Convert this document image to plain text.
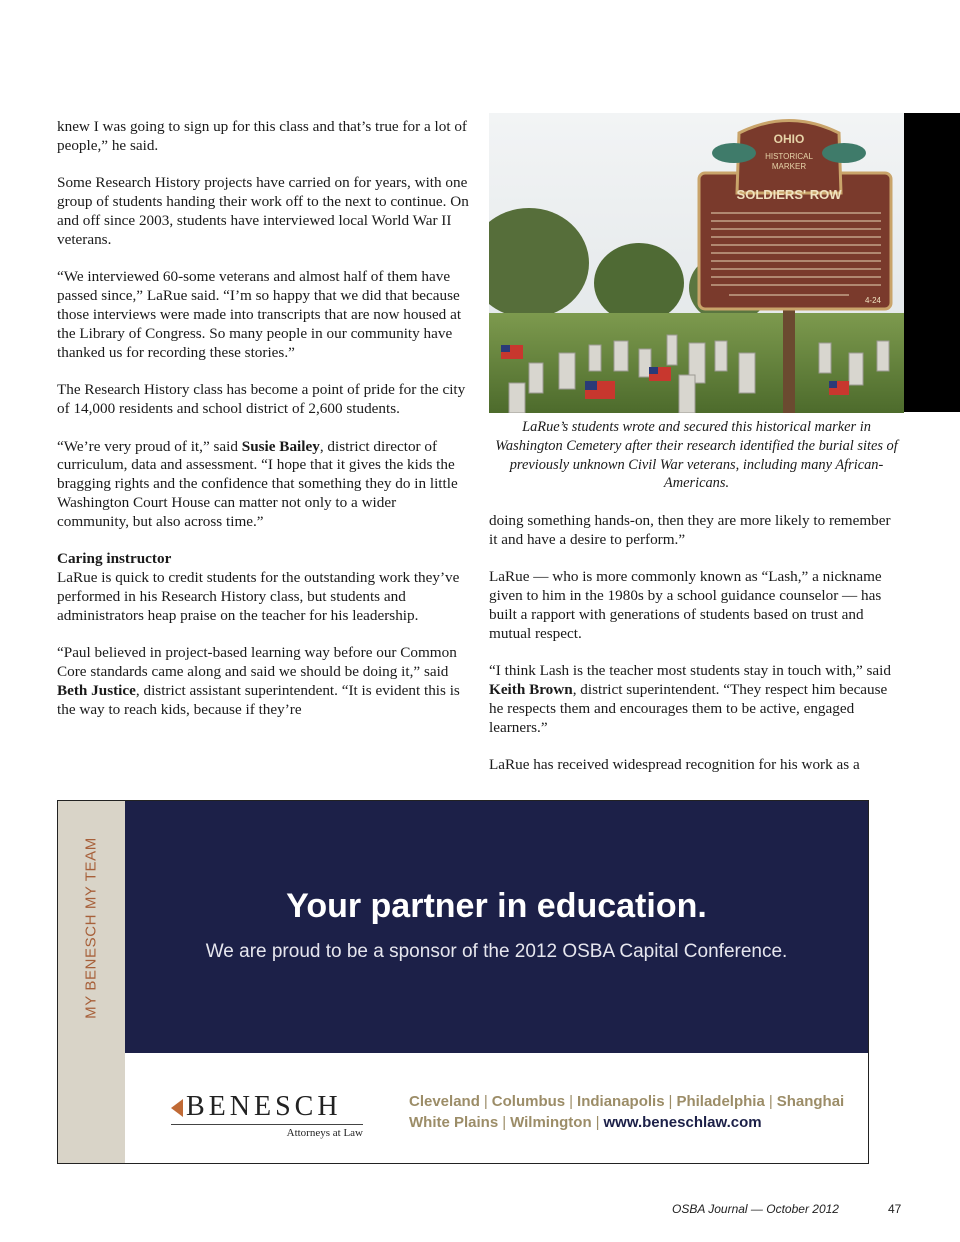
knew I was going to sign up for this class and that’s true for a lot of people,” he said.

Some Research History projects have carried on for years, with one group of students handing their work off to the next to continue. On and off since 2003, students have interviewed local World War II veterans.

“We interviewed 60-some veterans and almost half of them have passed since,” LaRue said. “I’m so happy that we did that because those interviews were made into transcripts that are now housed at the Library of Congress. So many people in our community have thanked us for recording these stories.”

The Research History class has become a point of pride for the city of 14,000 residents and school district of 2,600 students.

“We’re very proud of it,” said Susie Bailey, district director of curriculum, data and assessment. “I hope that it gives the kids the bragging rights and the confidence that something they do in little Washington Court House can matter not only to a wider community, but also across time.”

Caring instructor

LaRue is quick to credit students for the outstanding work they’ve performed in his Research History class, but students and administrators heap praise on the teacher for his leadership.

“Paul believed in project-based learning way before our Common Core standards came along and said we should be doing it,” said Beth Justice, district assistant superintendent. “It is evident this is the way to reach kids, because if they’re

OHIO
HISTORICAL
MARKER
SOLDIERS' ROW
4-24
LaRue’s students wrote and secured this historical marker in Washington Cemetery after their research identified the burial sites of previously unknown Civil War veterans, including many African-Americans.

doing something hands-on, then they are more likely to remember it and have a desire to perform.”

LaRue — who is more commonly known as “Lash,” a nickname given to him in the 1980s by a school guidance counselor — has built a rapport with generations of students based on trust and mutual respect.

“I think Lash is the teacher most students stay in touch with,” said Keith Brown, district superintendent. “They respect him because he respects them and encourages them to be active, engaged learners.”

LaRue has received widespread recognition for his work as a

MY BENESCH MY TEAM	Your partner in education.
We are proud to be a sponsor of the 2012 OSBA Capital Conference.
BENESCH
Attorneys at Law
Cleveland | Columbus | Indianapolis | Philadelphia | Shanghai
White Plains | Wilmington | www.beneschlaw.com
OSBA Journal — October 2012	47
